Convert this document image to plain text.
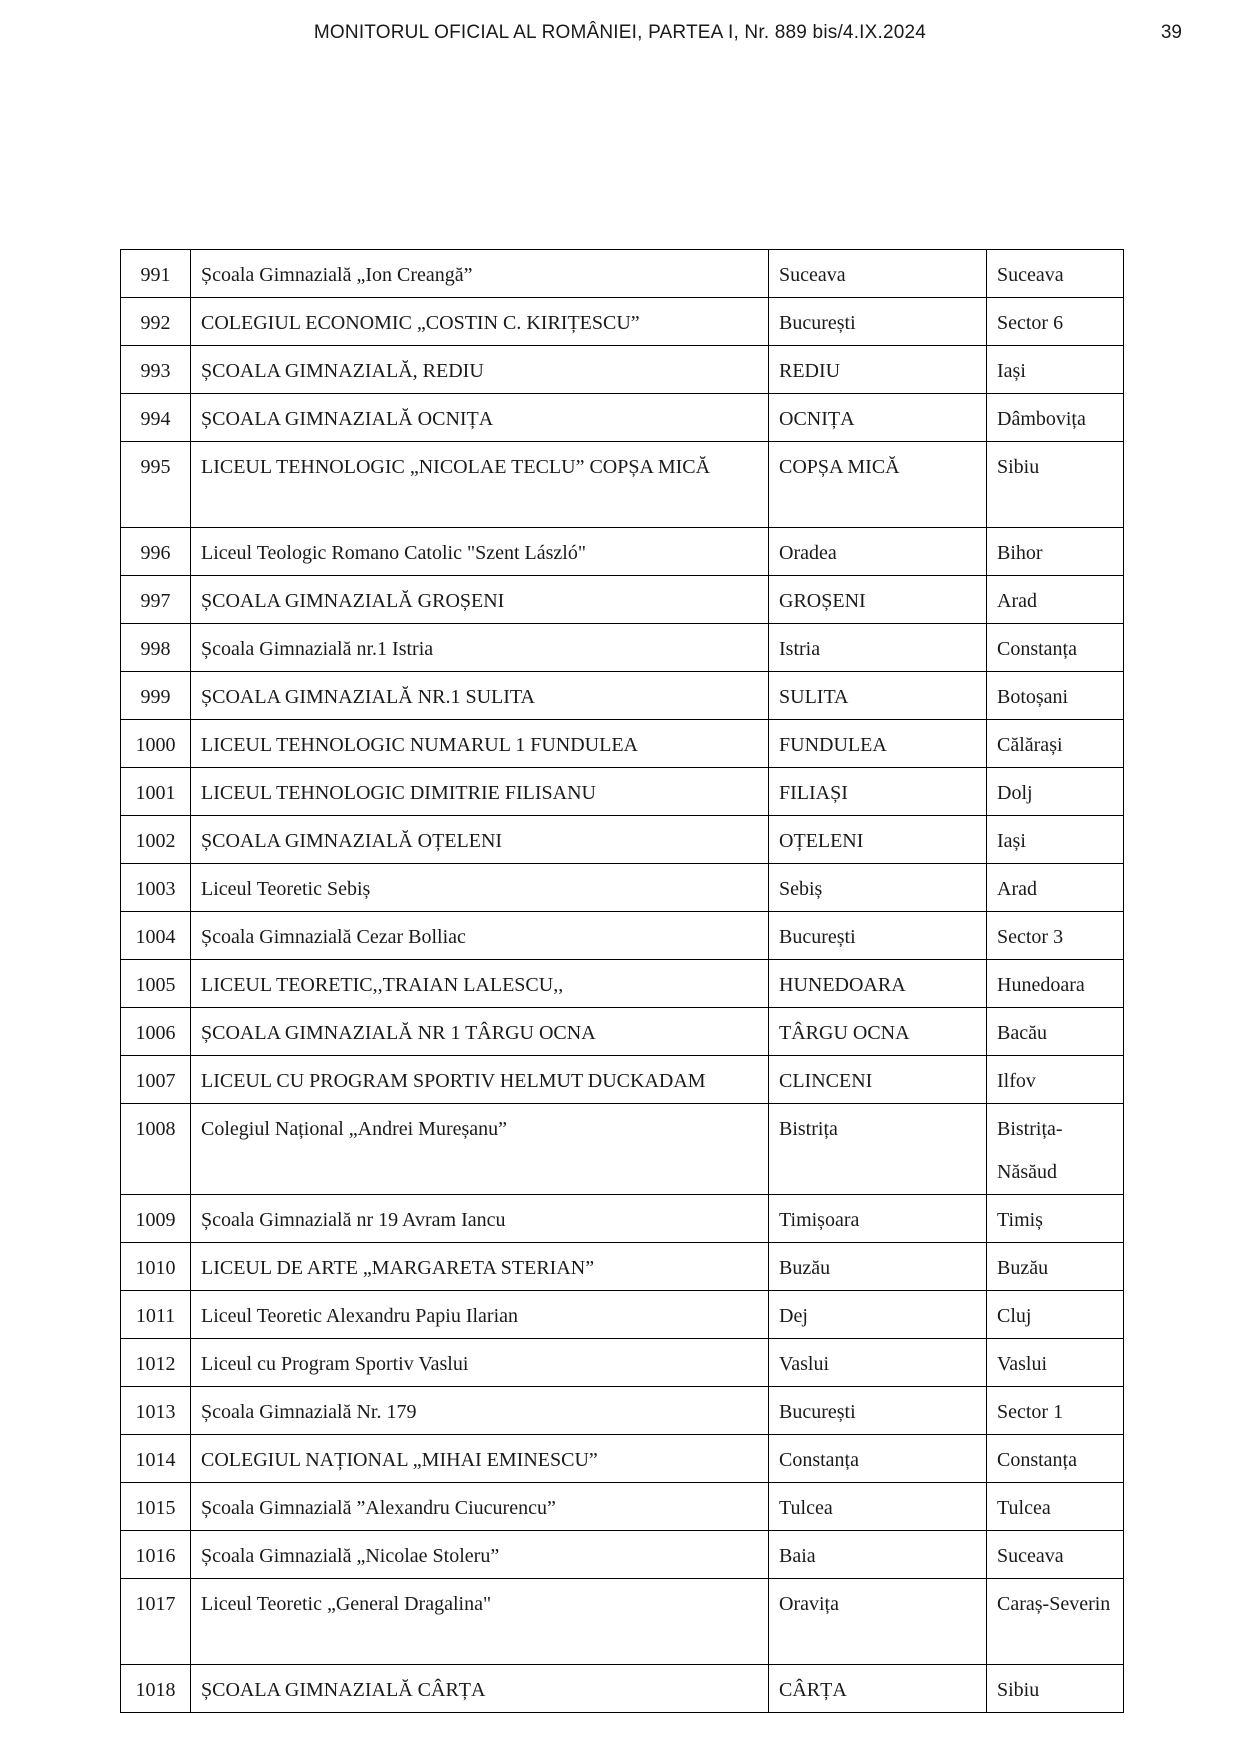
MONITORUL OFICIAL AL ROMÂNIEI, PARTEA I, Nr. 889 bis/4.IX.2024	39
991	Școala Gimnazială „Ion Creangă”	Suceava	Suceava
992	COLEGIUL ECONOMIC „COSTIN C. KIRIȚESCU”	București	Sector 6
993	ȘCOALA GIMNAZIALĂ, REDIU	REDIU	Iași
994	ȘCOALA GIMNAZIALĂ OCNIȚA	OCNIȚA	Dâmbovița
995	LICEUL TEHNOLOGIC „NICOLAE TECLU” COPȘA MICĂ	COPȘA MICĂ	Sibiu
996	Liceul Teologic Romano Catolic "Szent László"	Oradea	Bihor
997	ȘCOALA GIMNAZIALĂ GROȘENI	GROȘENI	Arad
998	Școala Gimnazială nr.1 Istria	Istria	Constanța
999	ȘCOALA GIMNAZIALĂ NR.1 SULITA	SULITA	Botoșani
1000	LICEUL TEHNOLOGIC NUMARUL 1 FUNDULEA	FUNDULEA	Călărași
1001	LICEUL TEHNOLOGIC DIMITRIE FILISANU	FILIAȘI	Dolj
1002	ȘCOALA GIMNAZIALĂ OȚELENI	OȚELENI	Iași
1003	Liceul Teoretic Sebiș	Sebiș	Arad
1004	Școala Gimnazială Cezar Bolliac	București	Sector 3
1005	LICEUL TEORETIC,,TRAIAN LALESCU,,	HUNEDOARA	Hunedoara
1006	ȘCOALA GIMNAZIALĂ NR 1 TÂRGU OCNA	TÂRGU OCNA	Bacău
1007	LICEUL CU PROGRAM SPORTIV HELMUT DUCKADAM	CLINCENI	Ilfov
1008	Colegiul Național „Andrei Mureșanu”	Bistrița	Bistrița-Năsăud
1009	Școala Gimnazială nr 19 Avram Iancu	Timișoara	Timiș
1010	LICEUL DE ARTE „MARGARETA STERIAN”	Buzău	Buzău
1011	Liceul Teoretic Alexandru Papiu Ilarian	Dej	Cluj
1012	Liceul cu Program Sportiv Vaslui	Vaslui	Vaslui
1013	Școala Gimnazială Nr. 179	București	Sector 1
1014	COLEGIUL NAȚIONAL „MIHAI EMINESCU”	Constanța	Constanța
1015	Școala Gimnazială ”Alexandru Ciucurencu”	Tulcea	Tulcea
1016	Școala Gimnazială „Nicolae Stoleru”	Baia	Suceava
1017	Liceul Teoretic „General Dragalina"	Oravița	Caraș-Severin
1018	ȘCOALA GIMNAZIALĂ CÂRȚA	CÂRȚA	Sibiu
